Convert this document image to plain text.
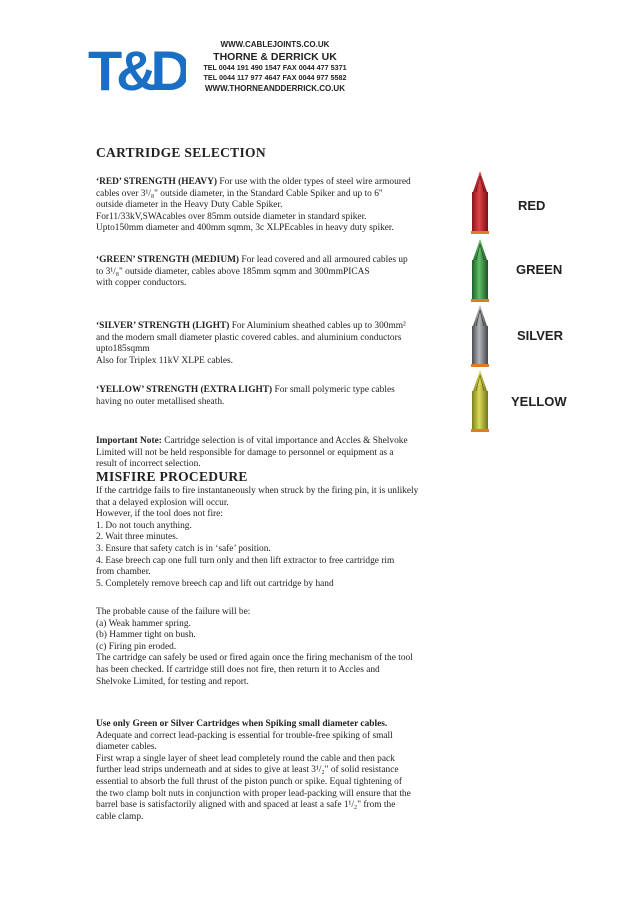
T&D	WWW.CABLEJOINTS.CO.UK
THORNE & DERRICK UK
TEL 0044 191 490 1547 FAX 0044 477 5371
TEL 0044 117 977 4647 FAX 0044 977 5582
WWW.THORNEANDDERRICK.CO.UK
CARTRIDGE SELECTION

‘RED’ STRENGTH (HEAVY) For use with the older types of steel wire armoured

cables over 3¹/₈" outside diameter, in the Standard Cable Spiker and up to 6"

outside diameter in the Heavy Duty Cable Spiker.

For11/33kV,SWAcables over 85mm outside diameter in standard spiker.

Upto150mm diameter and 400mm sqmm, 3c XLPEcables in heavy duty spiker.

‘GREEN’ STRENGTH (MEDIUM) For lead covered and all armoured cables up

to 3¹/₈" outside diameter, cables above 185mm sqmm and 300mmPICAS

with copper conductors.

‘SILVER’ STRENGTH (LIGHT) For Aluminium sheathed cables up to 300mm²

and the modern small diameter plastic covered cables. and aluminium conductors

upto185sqmm

Also for Triplex 11kV XLPE cables.

‘YELLOW’ STRENGTH (EXTRA LIGHT) For small polymeric type cables

having no outer metallised sheath.

Important Note: Cartridge selection is of vital importance and Accles & Shelvoke

Limited will not be held responsible for damage to personnel or equipment as a

result of incorrect selection.

MISFIRE PROCEDURE

If the cartridge fails to fire instantaneously when struck by the firing pin, it is unlikely

that a delayed explosion will occur.

However, if the tool does not fire:

1. Do not touch anything.

2. Wait three minutes.

3. Ensure that safety catch is in ‘safe’ position.

4. Ease breech cap one full turn only and then lift extractor to free cartridge rim

from chamber.

5. Completely remove breech cap and lift out cartridge by hand

The probable cause of the failure will be:

(a) Weak hammer spring.

(b) Hammer tight on bush.

(c) Firing pin eroded.

The cartridge can safely be used or fired again once the firing mechanism of the tool

has been checked. If cartridge still does not fire, then return it to Accles and

Shelvoke Limited, for testing and report.

Use only Green or Silver Cartridges when Spiking small diameter cables.

Adequate and correct lead-packing is essential for trouble-free spiking of small

diameter cables.

First wrap a single layer of sheet lead completely round the cable and then pack

further lead strips underneath and at sides to give at least 3¹/₂" of solid resistance

essential to absorb the full thrust of the piston punch or spike. Equal tightening of

the two clamp bolt nuts in conjunction with proper lead-packing will ensure that the

barrel base is satisfactorily aligned with and spaced at least a safe 1¹/₂" from the

cable clamp.

RED
GREEN
SILVER
YELLOW
